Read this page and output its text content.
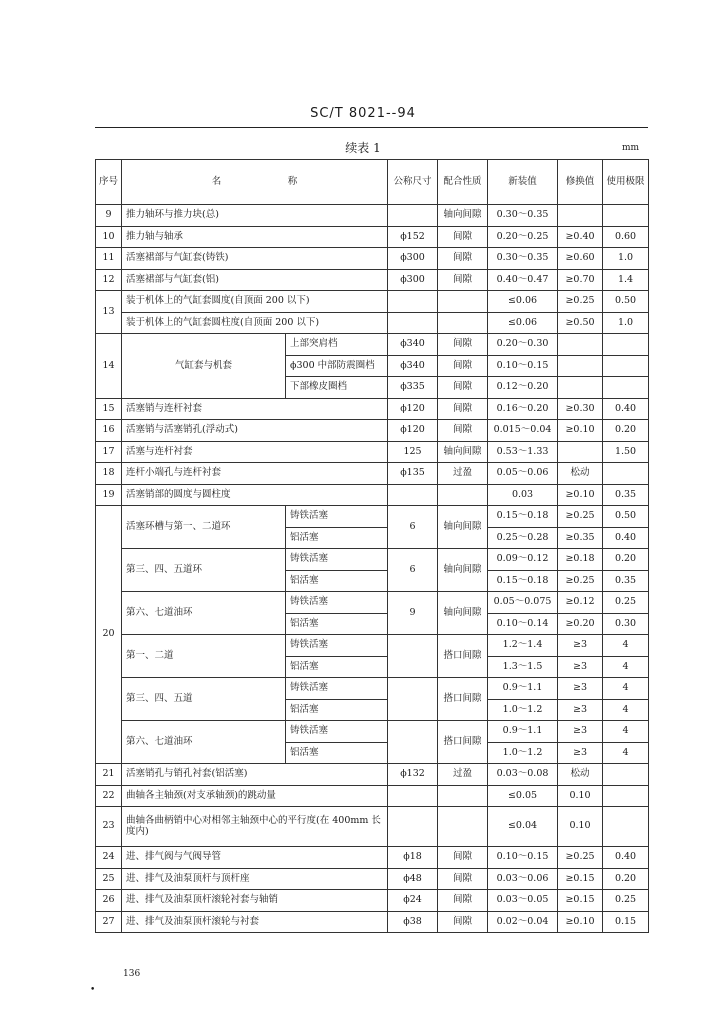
SC/T 8021--94
续表 1	mm
序号	名　　　　　　　称		公称尺寸	配合性质	新装值	修换值	使用极限
9	推力轴环与推力块(总)			轴向间隙	0.30～0.35		
10	推力轴与轴承		ϕ152	间隙	0.20～0.25	≥0.40	0.60
11	活塞裙部与气缸套(铸铁)		ϕ300	间隙	0.30～0.35	≥0.60	1.0
12	活塞裙部与气缸套(铝)		ϕ300	间隙	0.40～0.47	≥0.70	1.4
13	装于机体上的气缸套圆度(自顶面 200 以下)				≤0.06	≥0.25	0.50
	装于机体上的气缸套圆柱度(自顶面 200 以下)				≤0.06	≥0.50	1.0
14	气缸套与机套	上部突肩档	ϕ340	间隙	0.20～0.30		
		ϕ300 中部防震圈档	ϕ340	间隙	0.10～0.15		
		下部橡皮圈档	ϕ335	间隙	0.12～0.20		
15	活塞销与连杆衬套		ϕ120	间隙	0.16～0.20	≥0.30	0.40
16	活塞销与活塞销孔(浮动式)		ϕ120	间隙	0.015～0.04	≥0.10	0.20
17	活塞与连杆衬套		125	轴向间隙	0.53～1.33		1.50
18	连杆小端孔与连杆衬套		ϕ135	过盈	0.05～0.06	松动	
19	活塞销部的圆度与圆柱度				0.03	≥0.10	0.35
20	活塞环槽与第一、二道环	铸铁活塞	6	轴向间隙	0.15～0.18	≥0.25	0.50
		铝活塞			0.25～0.28	≥0.35	0.40
	第三、四、五道环	铸铁活塞	6	轴向间隙	0.09～0.12	≥0.18	0.20
		铝活塞			0.15～0.18	≥0.25	0.35
	第六、七道油环	铸铁活塞	9	轴向间隙	0.05～0.075	≥0.12	0.25
		铝活塞			0.10～0.14	≥0.20	0.30
	第一、二道	铸铁活塞		搭口间隙	1.2～1.4	≥3	4
		铝活塞			1.3～1.5	≥3	4
	第三、四、五道	铸铁活塞		搭口间隙	0.9～1.1	≥3	4
		铝活塞			1.0～1.2	≥3	4
	第六、七道油环	铸铁活塞		搭口间隙	0.9～1.1	≥3	4
		铝活塞			1.0～1.2	≥3	4
21	活塞销孔与销孔衬套(铝活塞)		ϕ132	过盈	0.03～0.08	松动	
22	曲轴各主轴颈(对支承轴颈)的跳动量				≤0.05	0.10	
23	曲轴各曲柄销中心对相邻主轴颈中心的平行度(在 400mm 长度内)				≤0.04	0.10	
24	进、排气阀与气阀导管		ϕ18	间隙	0.10～0.15	≥0.25	0.40
25	进、排气及油泵顶杆与顶杆座		ϕ48	间隙	0.03～0.06	≥0.15	0.20
26	进、排气及油泵顶杆滚轮衬套与轴销		ϕ24	间隙	0.03～0.05	≥0.15	0.25
27	进、排气及油泵顶杆滚轮与衬套		ϕ38	间隙	0.02～0.04	≥0.10	0.15
136
•
